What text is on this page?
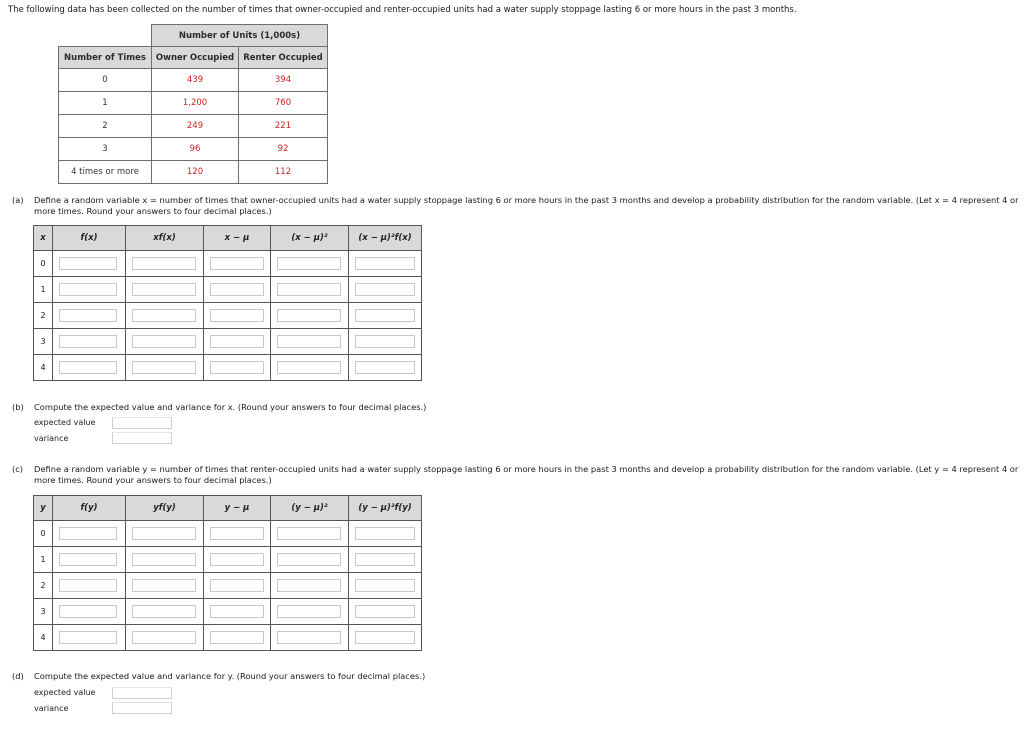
The following data has been collected on the number of times that owner-occupied and renter-occupied units had a water supply stoppage lasting 6 or more hours in the past 3 months.
	Number of Units (1,000s)	
Number of Times	Owner Occupied	Renter Occupied
0	439	394
1	1,200	760
2	249	221
3	96	92
4 times or more	120	112
(a) Define a random variable x = number of times that owner-occupied units had a water supply stoppage lasting 6 or more hours in the past 3 months and develop a probability distribution for the random variable. (Let x = 4 represent 4 or
more times. Round your answers to four decimal places.)
x	f(x)	xf(x)	x − μ	(x − μ)²	(x − μ)²f(x)
0	

1	

2	

3	

4	

(b) Compute the expected value and variance for x. (Round your answers to four decimal places.)
expected value
variance
(c) Define a random variable y = number of times that renter-occupied units had a water supply stoppage lasting 6 or more hours in the past 3 months and develop a probability distribution for the random variable. (Let y = 4 represent 4 or
more times. Round your answers to four decimal places.)
y	f(y)	yf(y)	y − μ	(y − μ)²	(y − μ)²f(y)
0	

1	

2	

3	

4	

(d) Compute the expected value and variance for y. (Round your answers to four decimal places.)
expected value
variance
